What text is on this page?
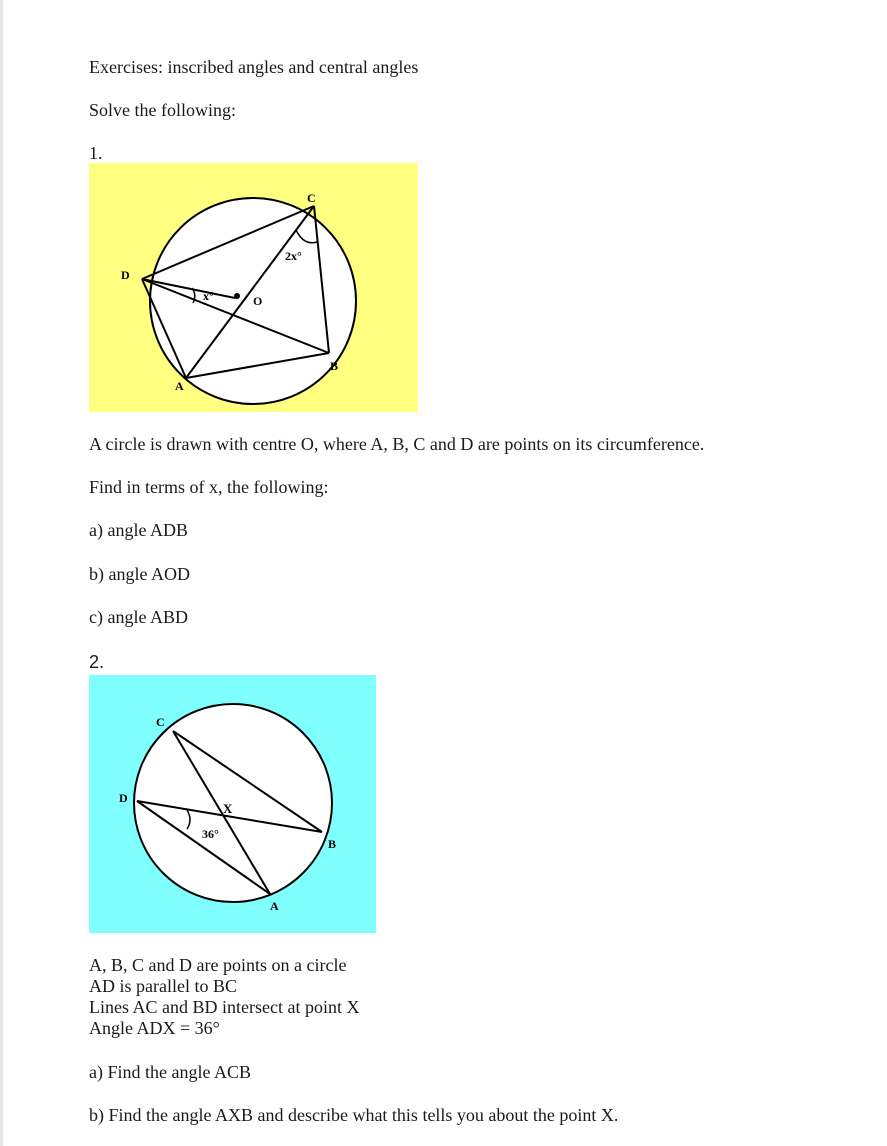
Exercises: inscribed angles and central angles
Solve the following:
1.
C
D
O
B
A
x°
2x°
A circle is drawn with centre O, where A, B, C and D are points on its circumference.
Find in terms of x, the following:
a) angle ADB
b) angle AOD
c) angle ABD
2.
C
D
X
36°
B
A
A, B, C and D are points on a circle
AD is parallel to BC
Lines AC and BD intersect at point X
Angle ADX = 36°
a) Find the angle ACB
b) Find the angle AXB and describe what this tells you about the point X.
